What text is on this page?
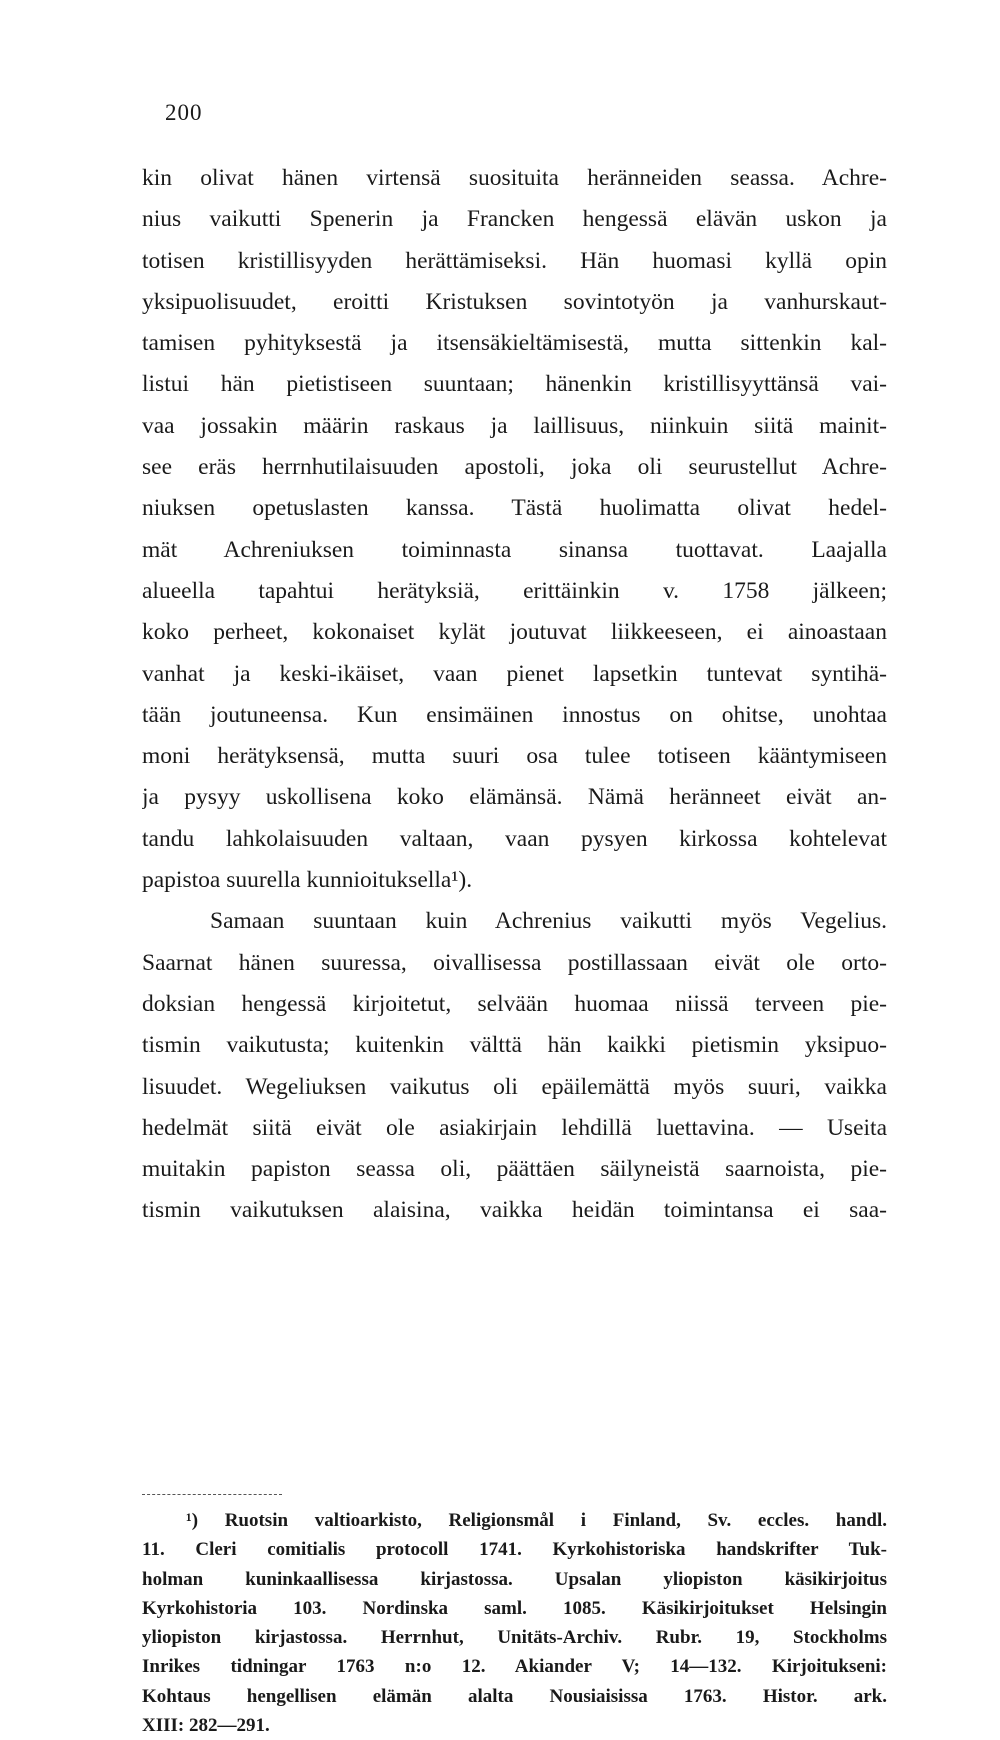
200
kin olivat hänen virtensä suosituita heränneiden seassa. Achre-
nius vaikutti Spenerin ja Francken hengessä elävän uskon ja
totisen kristillisyyden herättämiseksi. Hän huomasi kyllä opin
yksipuolisuudet, eroitti Kristuksen sovintotyön ja vanhurskaut-
tamisen pyhityksestä ja itsensäkieltämisestä, mutta sittenkin kal-
listui hän pietistiseen suuntaan; hänenkin kristillisyyttänsä vai-
vaa jossakin määrin raskaus ja laillisuus, niinkuin siitä mainit-
see eräs herrnhutilaisuuden apostoli, joka oli seurustellut Achre-
niuksen opetuslasten kanssa. Tästä huolimatta olivat hedel-
mät Achreniuksen toiminnasta sinansa tuottavat. Laajalla
alueella tapahtui herätyksiä, erittäinkin v. 1758 jälkeen;
koko perheet, kokonaiset kylät joutuvat liikkeeseen, ei ainoastaan
vanhat ja keski-ikäiset, vaan pienet lapsetkin tuntevat syntihä-
tään joutuneensa. Kun ensimäinen innostus on ohitse, unohtaa
moni herätyksensä, mutta suuri osa tulee totiseen kääntymiseen
ja pysyy uskollisena koko elämänsä. Nämä heränneet eivät an-
tandu lahkolaisuuden valtaan, vaan pysyen kirkossa kohtelevat
papistoa suurella kunnioituksella¹).
Samaan suuntaan kuin Achrenius vaikutti myös Vegelius.
Saarnat hänen suuressa, oivallisessa postillassaan eivät ole orto-
doksian hengessä kirjoitetut, selvään huomaa niissä terveen pie-
tismin vaikutusta; kuitenkin välttä hän kaikki pietismin yksipuo-
lisuudet. Wegeliuksen vaikutus oli epäilemättä myös suuri, vaikka
hedelmät siitä eivät ole asiakirjain lehdillä luettavina. — Useita
muitakin papiston seassa oli, päättäen säilyneistä saarnoista, pie-
tismin vaikutuksen alaisina, vaikka heidän toimintansa ei saa-
¹) Ruotsin valtioarkisto, Religionsmål i Finland, Sv. eccles. handl.
11. Cleri comitialis protocoll 1741. Kyrkohistoriska handskrifter Tuk-
holman kuninkaallisessa kirjastossa. Upsalan yliopiston käsikirjoitus
Kyrkohistoria 103. Nordinska saml. 1085. Käsikirjoitukset Helsingin
yliopiston kirjastossa. Herrnhut, Unitäts-Archiv. Rubr. 19, Stockholms
Inrikes tidningar 1763 n:o 12. Akiander V; 14—132. Kirjoitukseni:
Kohtaus hengellisen elämän alalta Nousiaisissa 1763. Histor. ark.
XIII: 282—291.
